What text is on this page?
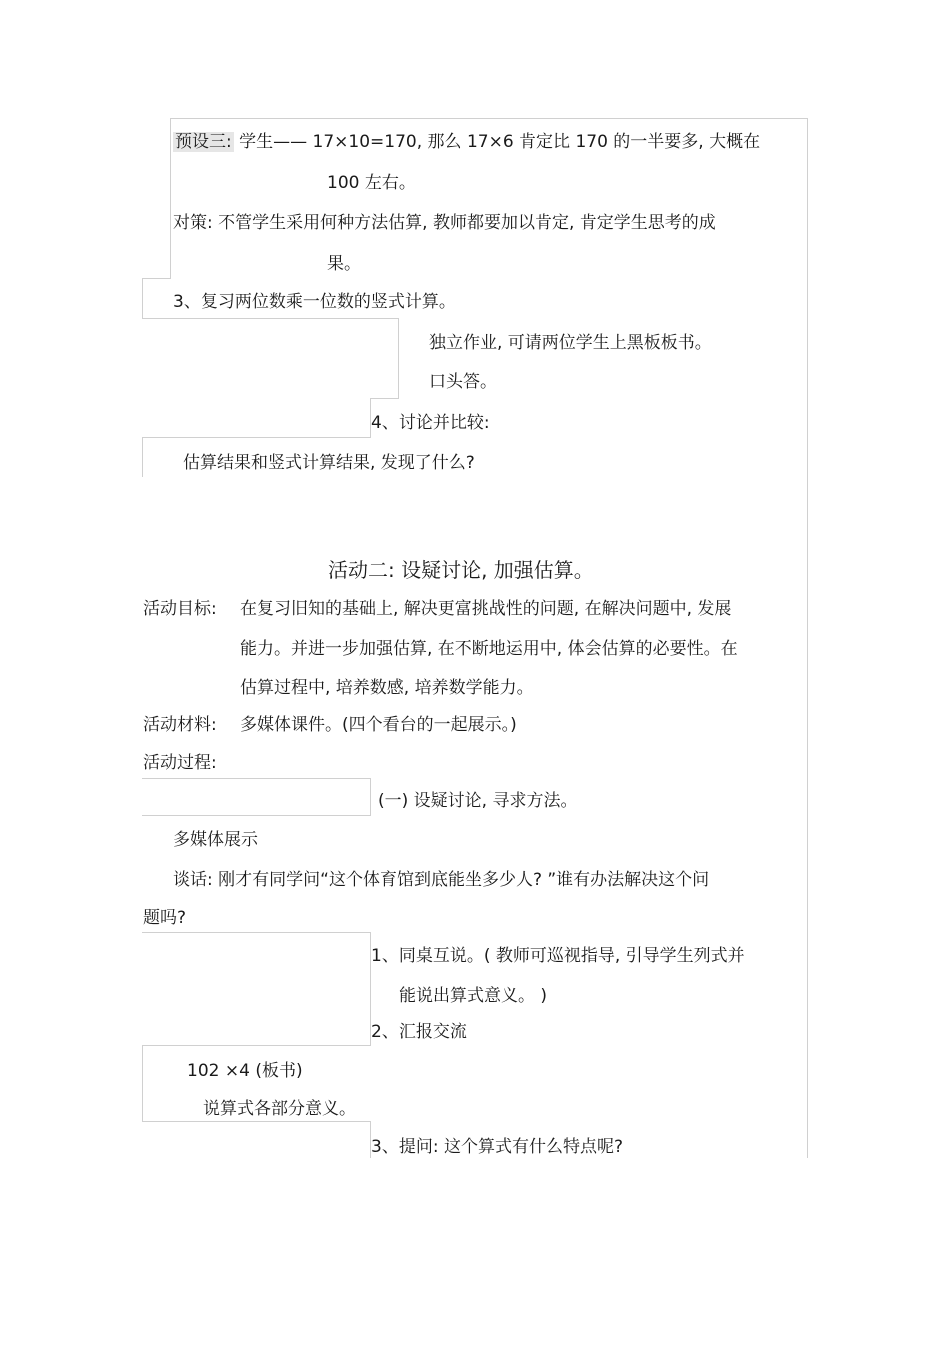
预设三: 学生—— 17×10=170, 那么 17×6 肯定比 170 的一半要多, 大概在
100 左右。
对策: 不管学生采用何种方法估算, 教师都要加以肯定, 肯定学生思考的成
果。
3、复习两位数乘一位数的竖式计算。
独立作业, 可请两位学生上黑板板书。
口头答。
4、讨论并比较:
估算结果和竖式计算结果, 发现了什么?
活动二: 设疑讨论, 加强估算。
活动目标: 在复习旧知的基础上, 解决更富挑战性的问题, 在解决问题中, 发展
能力。并进一步加强估算, 在不断地运用中, 体会估算的必要性。在
估算过程中, 培养数感, 培养数学能力。
活动材料: 多媒体课件。(四个看台的一起展示。)
活动过程:
(一) 设疑讨论, 寻求方法。
多媒体展示
谈话: 刚才有同学问“这个体育馆到底能坐多少人? ”谁有办法解决这个问
题吗?
1、同桌互说。( 教师可巡视指导, 引导学生列式并
能说出算式意义。 )
2、汇报交流
102 ×4 (板书)
说算式各部分意义。
3、提问: 这个算式有什么特点呢?
